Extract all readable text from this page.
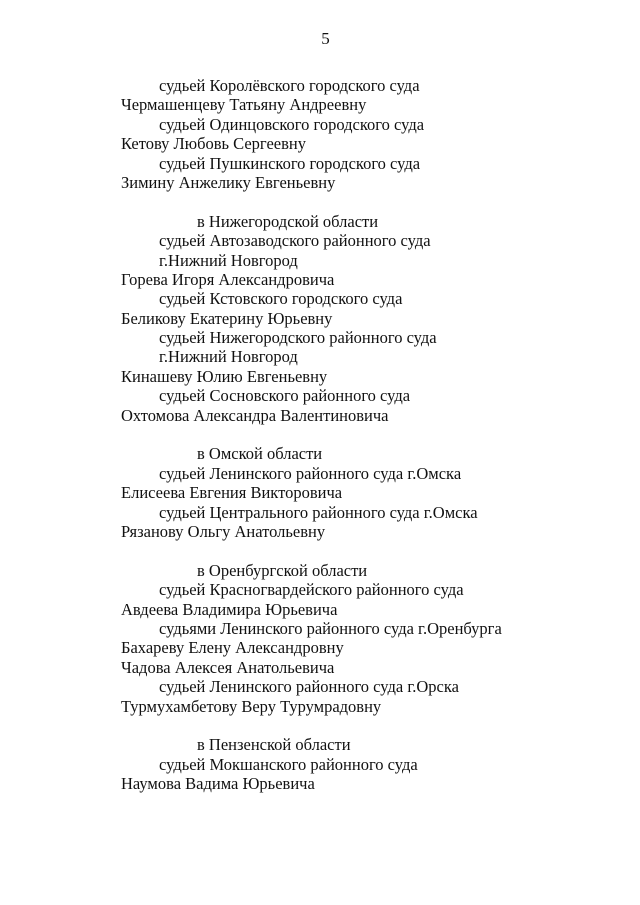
5
судьей Королёвского городского суда
Чермашенцеву Татьяну Андреевну
судьей Одинцовского городского суда
Кетову Любовь Сергеевну
судьей Пушкинского городского суда
Зимину Анжелику Евгеньевну
в Нижегородской области
судьей Автозаводского районного суда
г.Нижний Новгород
Горева Игоря Александровича
судьей Кстовского городского суда
Беликову Екатерину Юрьевну
судьей Нижегородского районного суда
г.Нижний Новгород
Кинашеву Юлию Евгеньевну
судьей Сосновского районного суда
Охтомова Александра Валентиновича
в Омской области
судьей Ленинского районного суда г.Омска
Елисеева Евгения Викторовича
судьей Центрального районного суда г.Омска
Рязанову Ольгу Анатольевну
в Оренбургской области
судьей Красногвардейского районного суда
Авдеева Владимира Юрьевича
судьями Ленинского районного суда г.Оренбурга
Бахареву Елену Александровну
Чадова Алексея Анатольевича
судьей Ленинского районного суда г.Орска
Турмухамбетову Веру Турумрадовну
в Пензенской области
судьей Мокшанского районного суда
Наумова Вадима Юрьевича
